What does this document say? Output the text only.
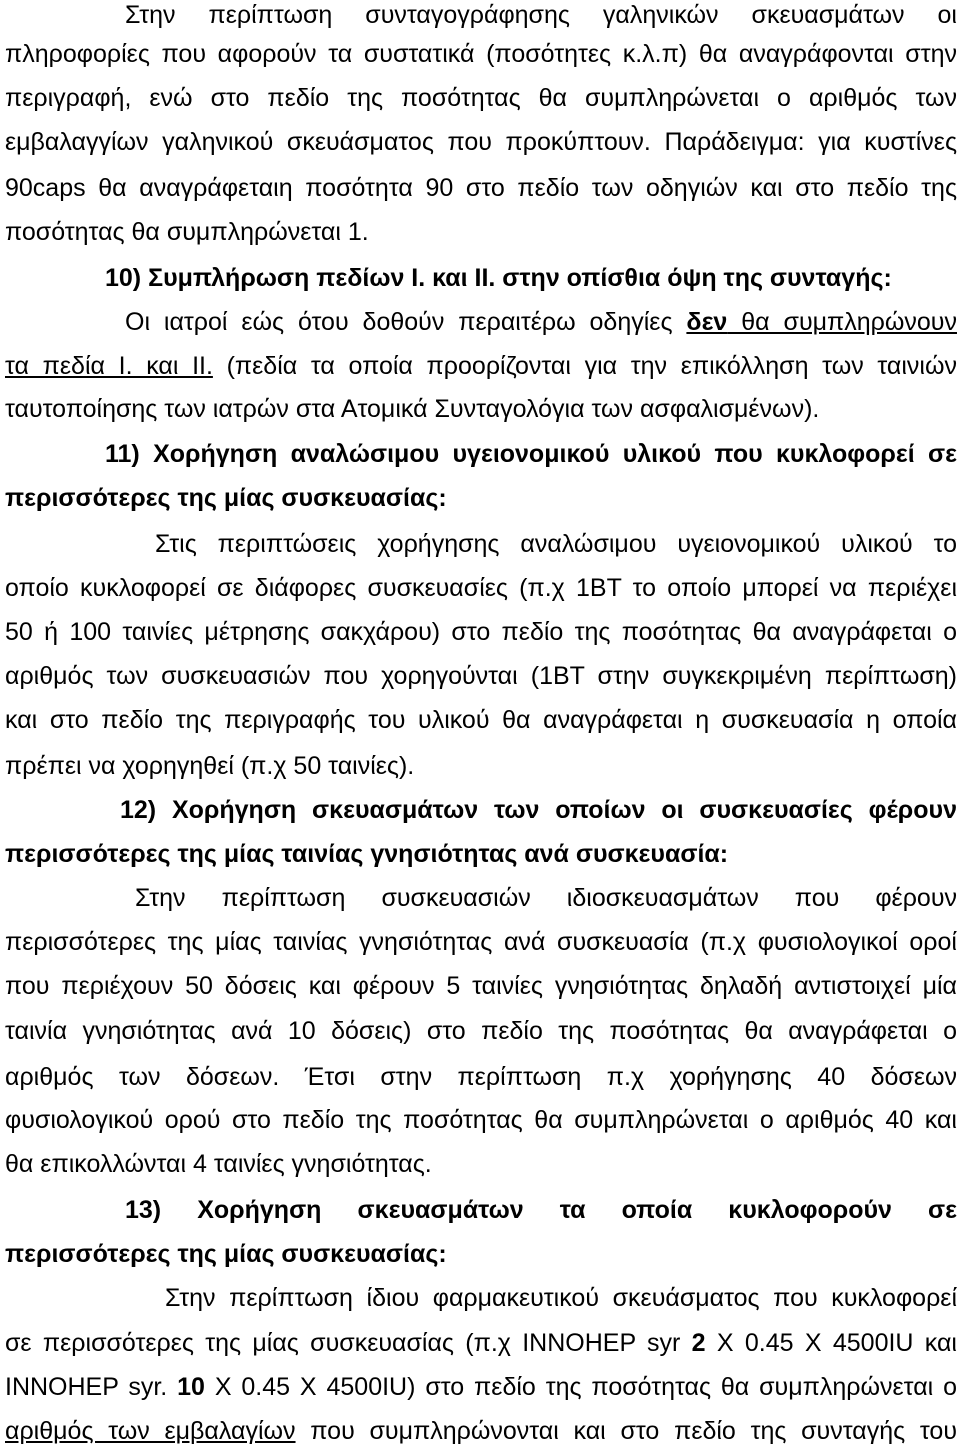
Στην περίπτωση συνταγογράφησης γαληνικών σκευασμάτων οι
πληροφορίες που αφορούν τα συστατικά (ποσότητες κ.λ.π) θα αναγράφονται στην
περιγραφή, ενώ στο πεδίο της ποσότητας θα συμπληρώνεται ο αριθμός των
εμβαλαγγίων γαληνικού σκευάσματος που προκύπτουν. Παράδειγμα: για κυστίνες
90caps θα αναγράφεταιη ποσότητα 90 στο πεδίο των οδηγιών και στο πεδίο της
ποσότητας θα συμπληρώνεται 1.
10) Συμπλήρωση πεδίων I. και II. στην οπίσθια όψη της συνταγής:
Οι ιατροί εώς ότου δοθούν περαιτέρω οδηγίες δεν θα συμπληρώνουν
τα πεδία I. και II. (πεδία τα οποία προορίζονται για την επικόλληση των ταινιών
ταυτοποίησης των ιατρών στα Ατομικά Συνταγολόγια των ασφαλισμένων).
11) Χορήγηση αναλώσιμου υγειονομικού υλικού που κυκλοφορεί σε
περισσότερες της μίας συσκευασίας:
Στις περιπτώσεις χορήγησης αναλώσιμου υγειονομικού υλικού το
οποίο κυκλοφορεί σε διάφορες συσκευασίες (π.χ 1BT το οποίο μπορεί να περιέχει
50 ή 100 ταινίες μέτρησης σακχάρου) στο πεδίο της ποσότητας θα αναγράφεται ο
αριθμός των συσκευασιών που χορηγούνται (1BT στην συγκεκριμένη περίπτωση)
και στο πεδίο της περιγραφής του υλικού θα αναγράφεται η συσκευασία η οποία
πρέπει να χορηγηθεί (π.χ 50 ταινίες).
12) Χορήγηση σκευασμάτων των οποίων οι συσκευασίες φέρουν
περισσότερες της μίας ταινίας γνησιότητας ανά συσκευασία:
Στην περίπτωση συσκευασιών ιδιοσκευασμάτων που φέρουν
περισσότερες της μίας ταινίας γνησιότητας ανά συσκευασία (π.χ φυσιολογικοί οροί
που περιέχουν 50 δόσεις και φέρουν 5 ταινίες γνησιότητας δηλαδή αντιστοιχεί μία
ταινία γνησιότητας ανά 10 δόσεις) στο πεδίο της ποσότητας θα αναγράφεται ο
αριθμός των δόσεων. Έτσι στην περίπτωση π.χ χορήγησης 40 δόσεων
φυσιολογικού ορού στο πεδίο της ποσότητας θα συμπληρώνεται ο αριθμός 40 και
θα επικολλώνται 4 ταινίες γνησιότητας.
13) Χορήγηση σκευασμάτων τα οποία κυκλοφορούν σε
περισσότερες της μίας συσκευασίας:
Στην περίπτωση ίδιου φαρμακευτικού σκευάσματος που κυκλοφορεί
σε περισσότερες της μίας συσκευασίας (π.χ INNOHEP syr 2 X 0.45 X 4500IU και
INNOHEP syr. 10 X 0.45 X 4500IU) στο πεδίο της ποσότητας θα συμπληρώνεται ο
αριθμός των εμβαλαγίων που συμπληρώνονται και στο πεδίο της συνταγής του
